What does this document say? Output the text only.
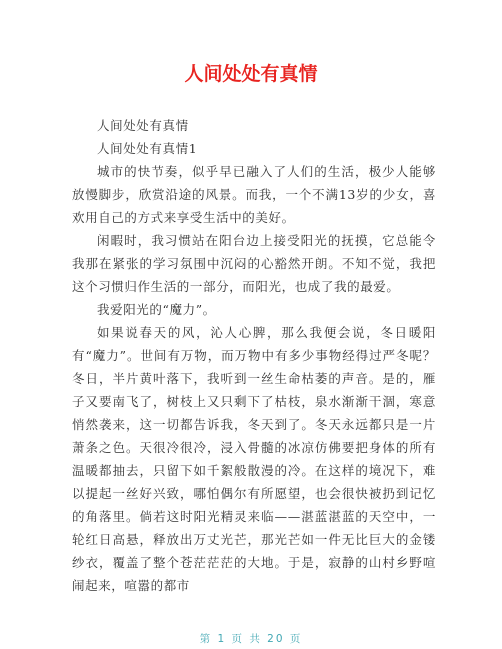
人间处处有真情

人间处处有真情

人间处处有真情1

城市的快节奏，似乎早已融入了人们的生活，极少人能够放慢脚步，欣赏沿途的风景。而我，一个不满13岁的少女，喜欢用自己的方式来享受生活中的美好。

闲暇时，我习惯站在阳台边上接受阳光的抚摸，它总能令我那在紧张的学习氛围中沉闷的心豁然开朗。不知不觉，我把这个习惯归作生活的一部分，而阳光，也成了我的最爱。

我爱阳光的“魔力”。

如果说春天的风，沁人心脾，那么我便会说，冬日暖阳有“魔力”。世间有万物，而万物中有多少事物经得过严冬呢？冬日，半片黄叶落下，我听到一丝生命枯萎的声音。是的，雁子又要南飞了，树枝上又只剩下了枯枝，泉水渐渐干涸，寒意悄然袭来，这一切都告诉我，冬天到了。冬天永远都只是一片萧条之色。天很冷很冷，浸入骨髓的冰凉仿佛要把身体的所有温暖都抽去，只留下如千絮般散漫的冷。在这样的境况下，难以提起一丝好兴致，哪怕偶尔有所愿望，也会很快被扔到记忆的角落里。倘若这时阳光精灵来临——湛蓝湛蓝的天空中，一轮红日高悬，释放出万丈光芒，那光芒如一件无比巨大的金镂纱衣，覆盖了整个苍茫茫茫的大地。于是，寂静的山村乡野喧闹起来，喧嚣的都市

第 1 页 共 20 页
